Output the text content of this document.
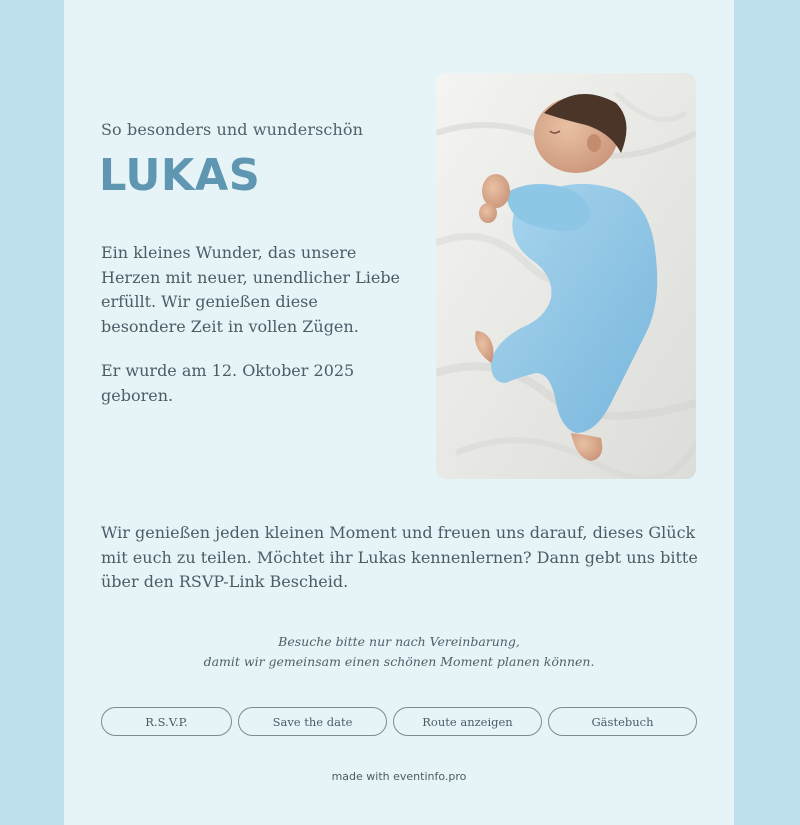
So besonders und wunderschön
LUKAS

Ein kleines Wunder, das unsere Herzen mit neuer, unendlicher Liebe erfüllt. Wir genießen diese besondere Zeit in vollen Zügen.

Er wurde am 12. Oktober 2025 geboren.

Wir genießen jeden kleinen Moment und freuen uns darauf, dieses Glück mit euch zu teilen. Möchtet ihr Lukas kennenlernen? Dann gebt uns bitte über den RSVP-Link Bescheid.

Besuche bitte nur nach Vereinbarung,
damit wir gemeinsam einen schönen Moment planen können.
R.S.V.P.	Save the date	Route anzeigen	Gästebuch
made with eventinfo.pro
